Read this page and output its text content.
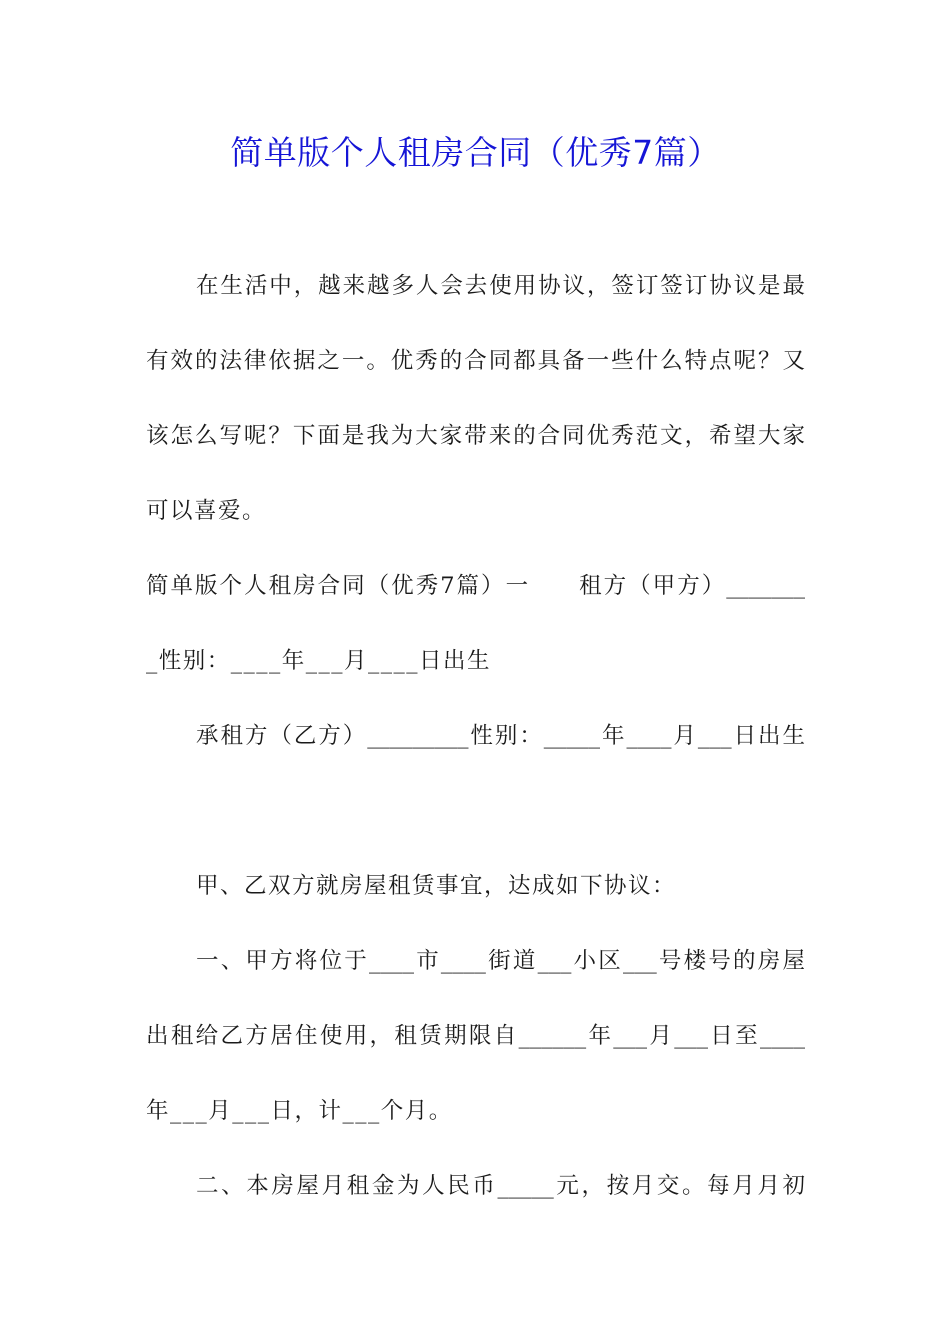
简单版个人租房合同（优秀7篇）

在生活中，越来越多人会去使用协议，签订签订协议是最

有效的法律依据之一。优秀的合同都具备一些什么特点呢？又

该怎么写呢？下面是我为大家带来的合同优秀范文，希望大家

可以喜爱。

简单版个人租房合同（优秀7篇）一　　租方（甲方）_______

_性别：____年___月____日出生

承租方（乙方）_________性别：_____年____月___日出生

甲、乙双方就房屋租赁事宜，达成如下协议：

一、甲方将位于____市____街道___小区___号楼号的房屋

出租给乙方居住使用，租赁期限自______年___月___日至____

年___月___日，计___个月。

二、本房屋月租金为人民币_____元，按月交。每月月初
